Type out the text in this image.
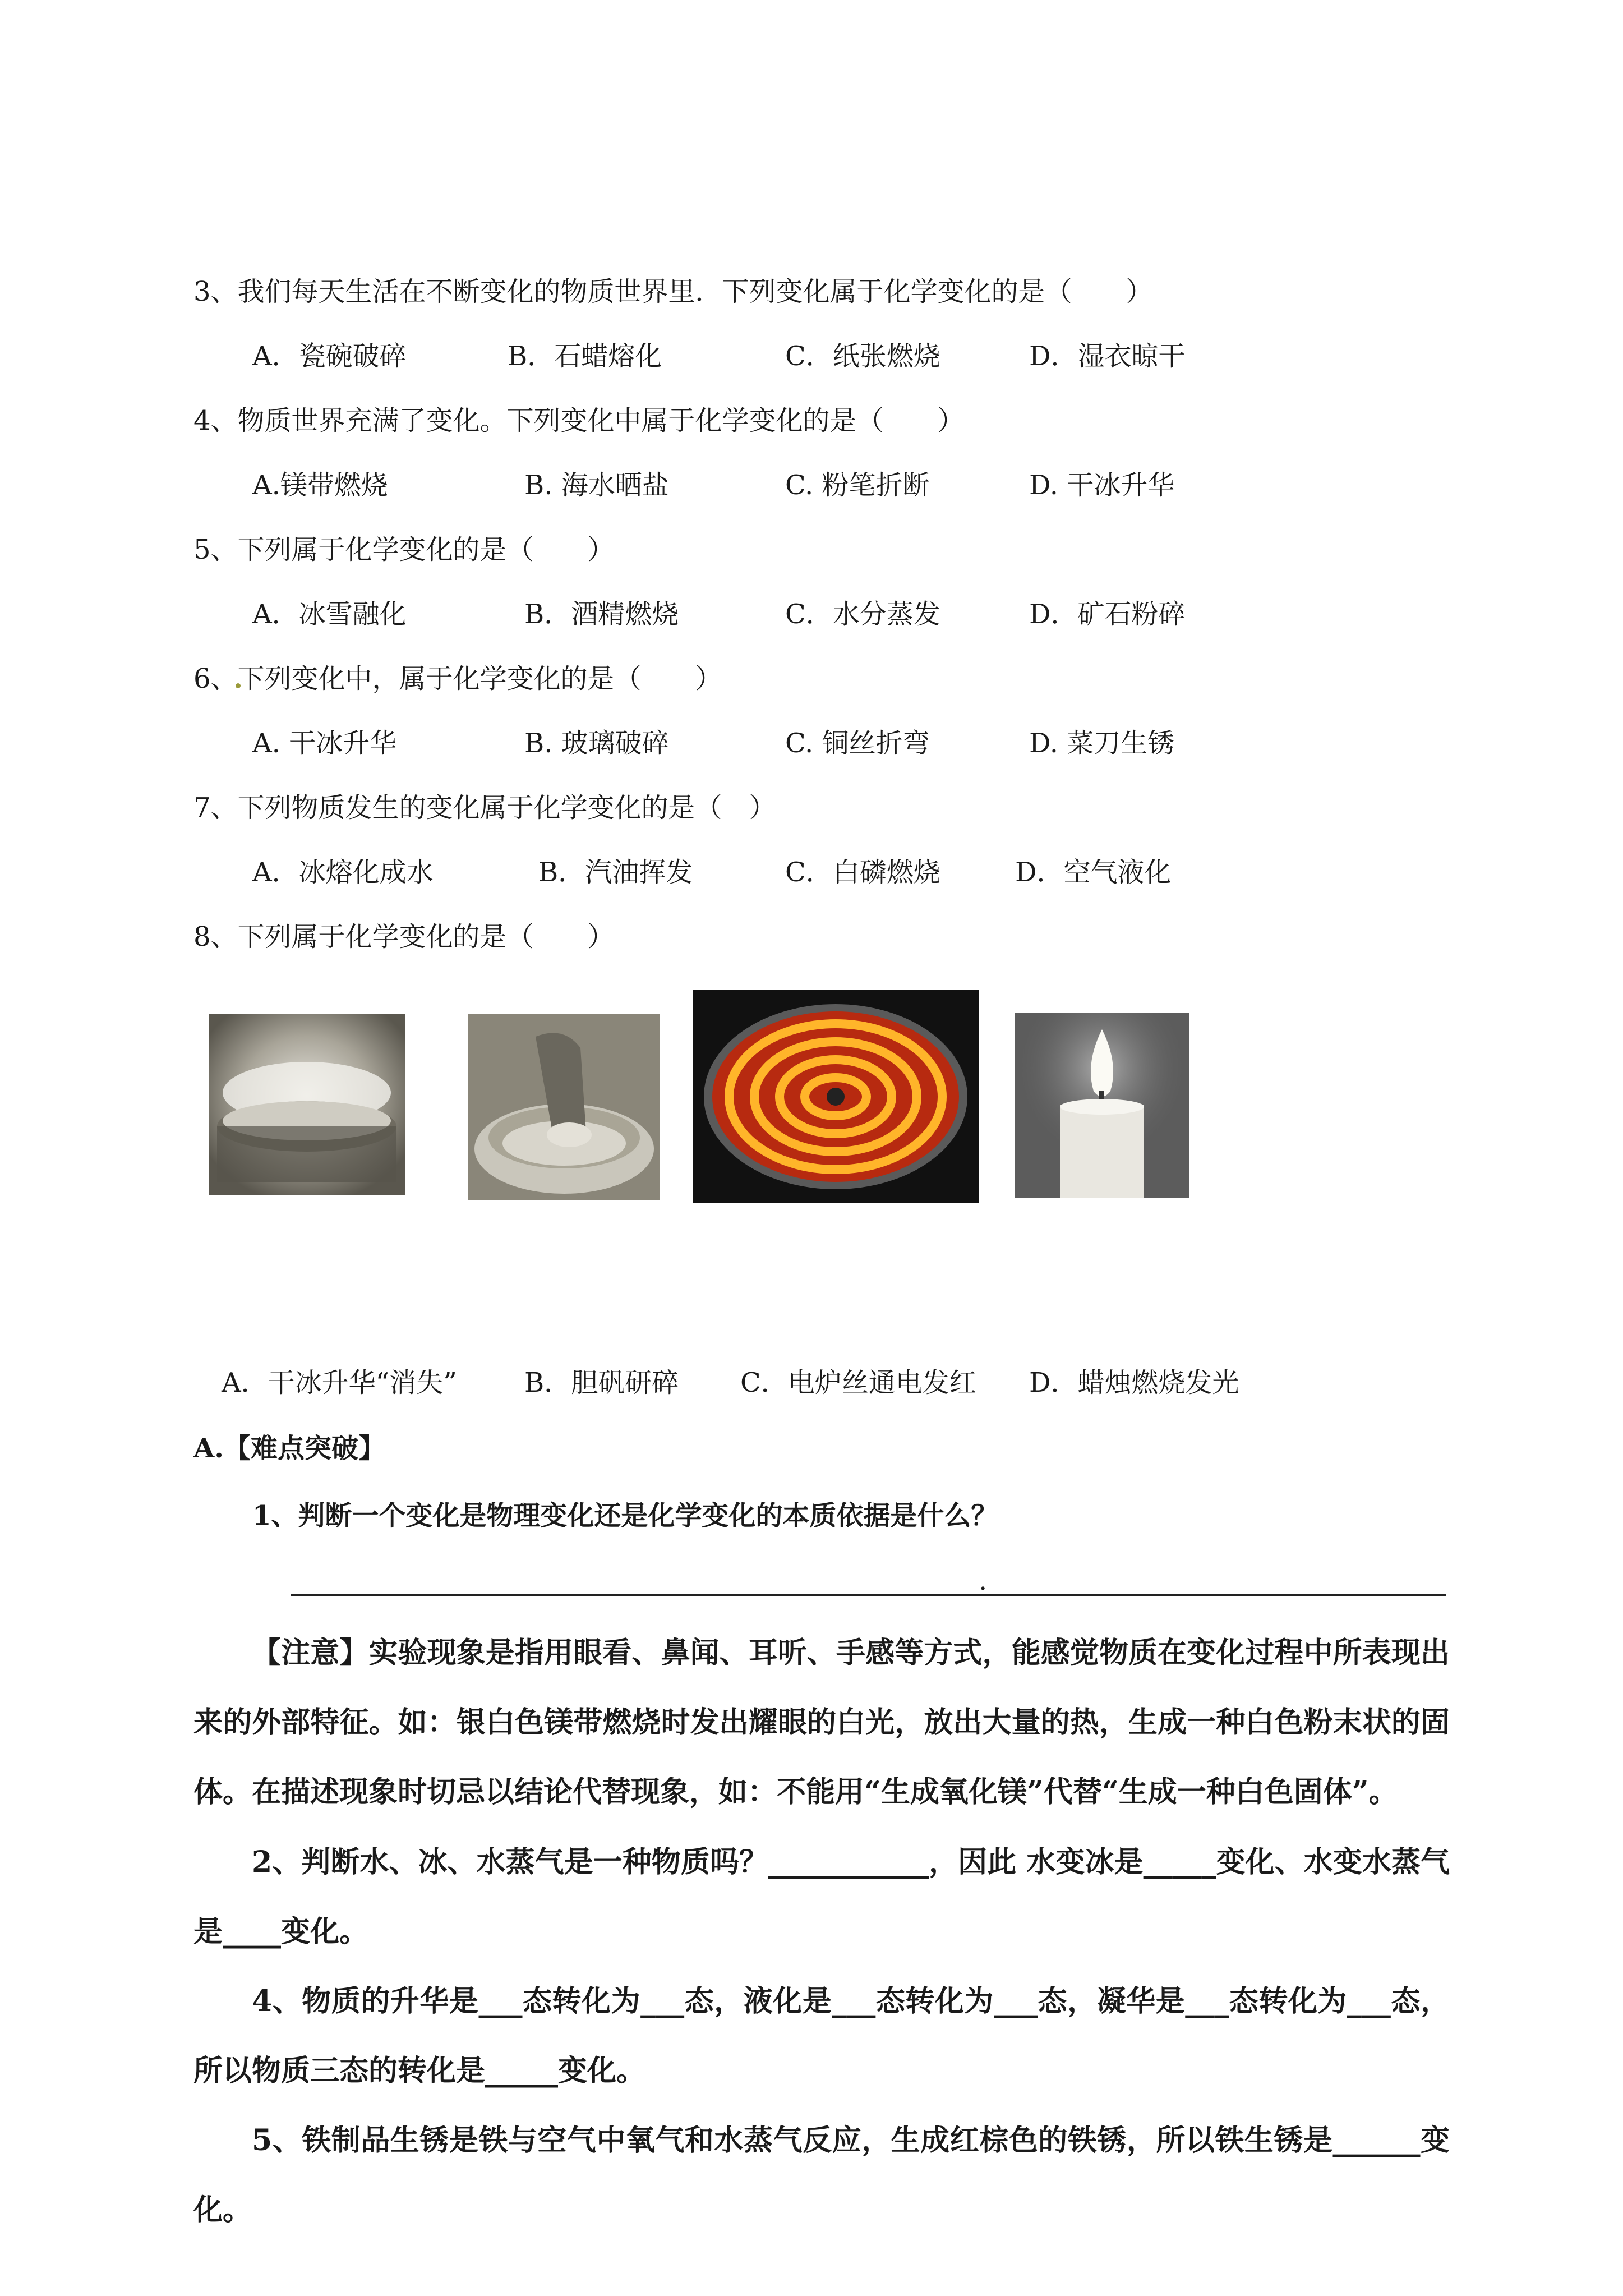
3、我们每天生活在不断变化的物质世界里．下列变化属于化学变化的是（　　）
A．瓷碗破碎	B．石蜡熔化	C．纸张燃烧	D．湿衣晾干
4、物质世界充满了变化。下列变化中属于化学变化的是（　　）
A.镁带燃烧	B. 海水晒盐	C. 粉笔折断	D. 干冰升华
5、下列属于化学变化的是（　　）
A．冰雪融化	B．酒精燃烧	C．水分蒸发	D．矿石粉碎
6、下列变化中，属于化学变化的是（　　）
A. 干冰升华	B. 玻璃破碎	C. 铜丝折弯	D. 菜刀生锈
7、下列物质发生的变化属于化学变化的是（　）
A．冰熔化成水	B．汽油挥发	C．白磷燃烧	D．空气液化
8、下列属于化学变化的是（　　）
A．干冰升华“消失”	B．胆矾研碎 C．电炉丝通电发红 D．蜡烛燃烧发光
A.【难点突破】
1、判断一个变化是物理变化还是化学变化的本质依据是什么？
.
【注意】实验现象是指用眼看、鼻闻、耳听、手感等方式，能感觉物质在变化过程中所表现出来的外部特征。如：银白色镁带燃烧时发出耀眼的白光，放出大量的热，生成一种白色粉末状的固体。在描述现象时切忌以结论代替现象，如：不能用“生成氧化镁”代替“生成一种白色固体”。
2、判断水、冰、水蒸气是一种物质吗？___________，因此 水变冰是_____变化、水变水蒸气是____变化。
4、物质的升华是___态转化为___态，液化是___态转化为___态，凝华是___态转化为___态，所以物质三态的转化是_____变化。
5、铁制品生锈是铁与空气中氧气和水蒸气反应，生成红棕色的铁锈，所以铁生锈是______变化。
